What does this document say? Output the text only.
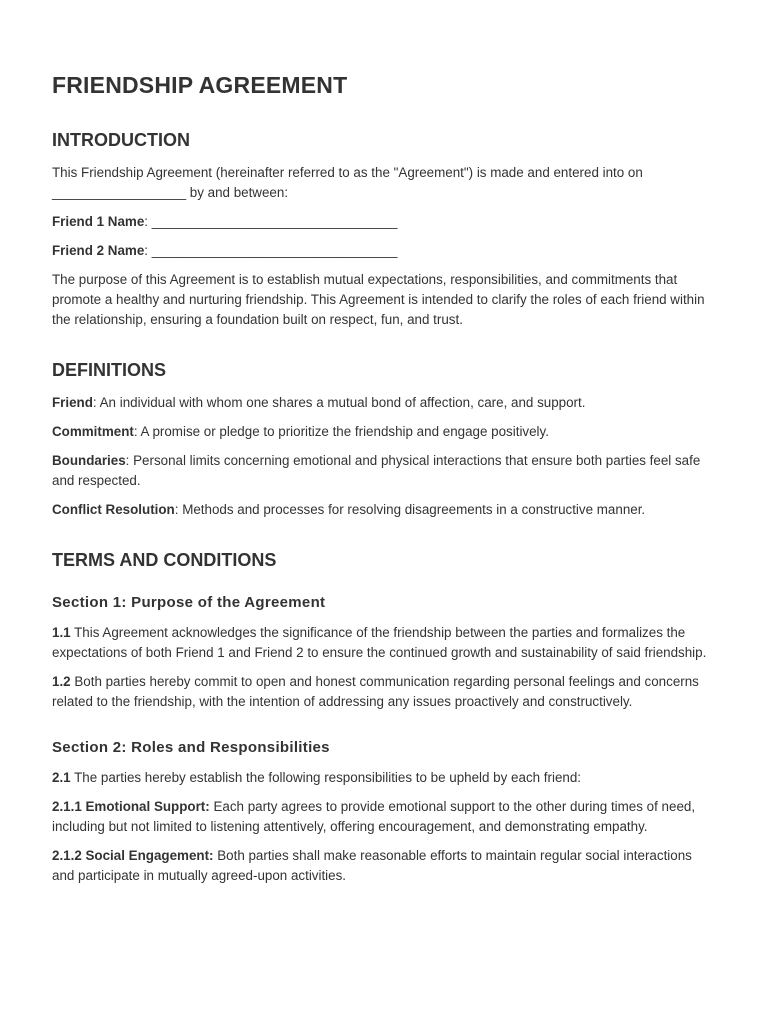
FRIENDSHIP AGREEMENT
INTRODUCTION

This Friendship Agreement (hereinafter referred to as the "Agreement") is made and entered into on __________________ by and between:

Friend 1 Name: _________________________________

Friend 2 Name: _________________________________

The purpose of this Agreement is to establish mutual expectations, responsibilities, and commitments that promote a healthy and nurturing friendship. This Agreement is intended to clarify the roles of each friend within the relationship, ensuring a foundation built on respect, fun, and trust.

DEFINITIONS

Friend: An individual with whom one shares a mutual bond of affection, care, and support.

Commitment: A promise or pledge to prioritize the friendship and engage positively.

Boundaries: Personal limits concerning emotional and physical interactions that ensure both parties feel safe and respected.

Conflict Resolution: Methods and processes for resolving disagreements in a constructive manner.

TERMS AND CONDITIONS
Section 1: Purpose of the Agreement

1.1 This Agreement acknowledges the significance of the friendship between the parties and formalizes the expectations of both Friend 1 and Friend 2 to ensure the continued growth and sustainability of said friendship.

1.2 Both parties hereby commit to open and honest communication regarding personal feelings and concerns related to the friendship, with the intention of addressing any issues proactively and constructively.

Section 2: Roles and Responsibilities

2.1 The parties hereby establish the following responsibilities to be upheld by each friend:

2.1.1 Emotional Support: Each party agrees to provide emotional support to the other during times of need, including but not limited to listening attentively, offering encouragement, and demonstrating empathy.

2.1.2 Social Engagement: Both parties shall make reasonable efforts to maintain regular social interactions and participate in mutually agreed-upon activities.
